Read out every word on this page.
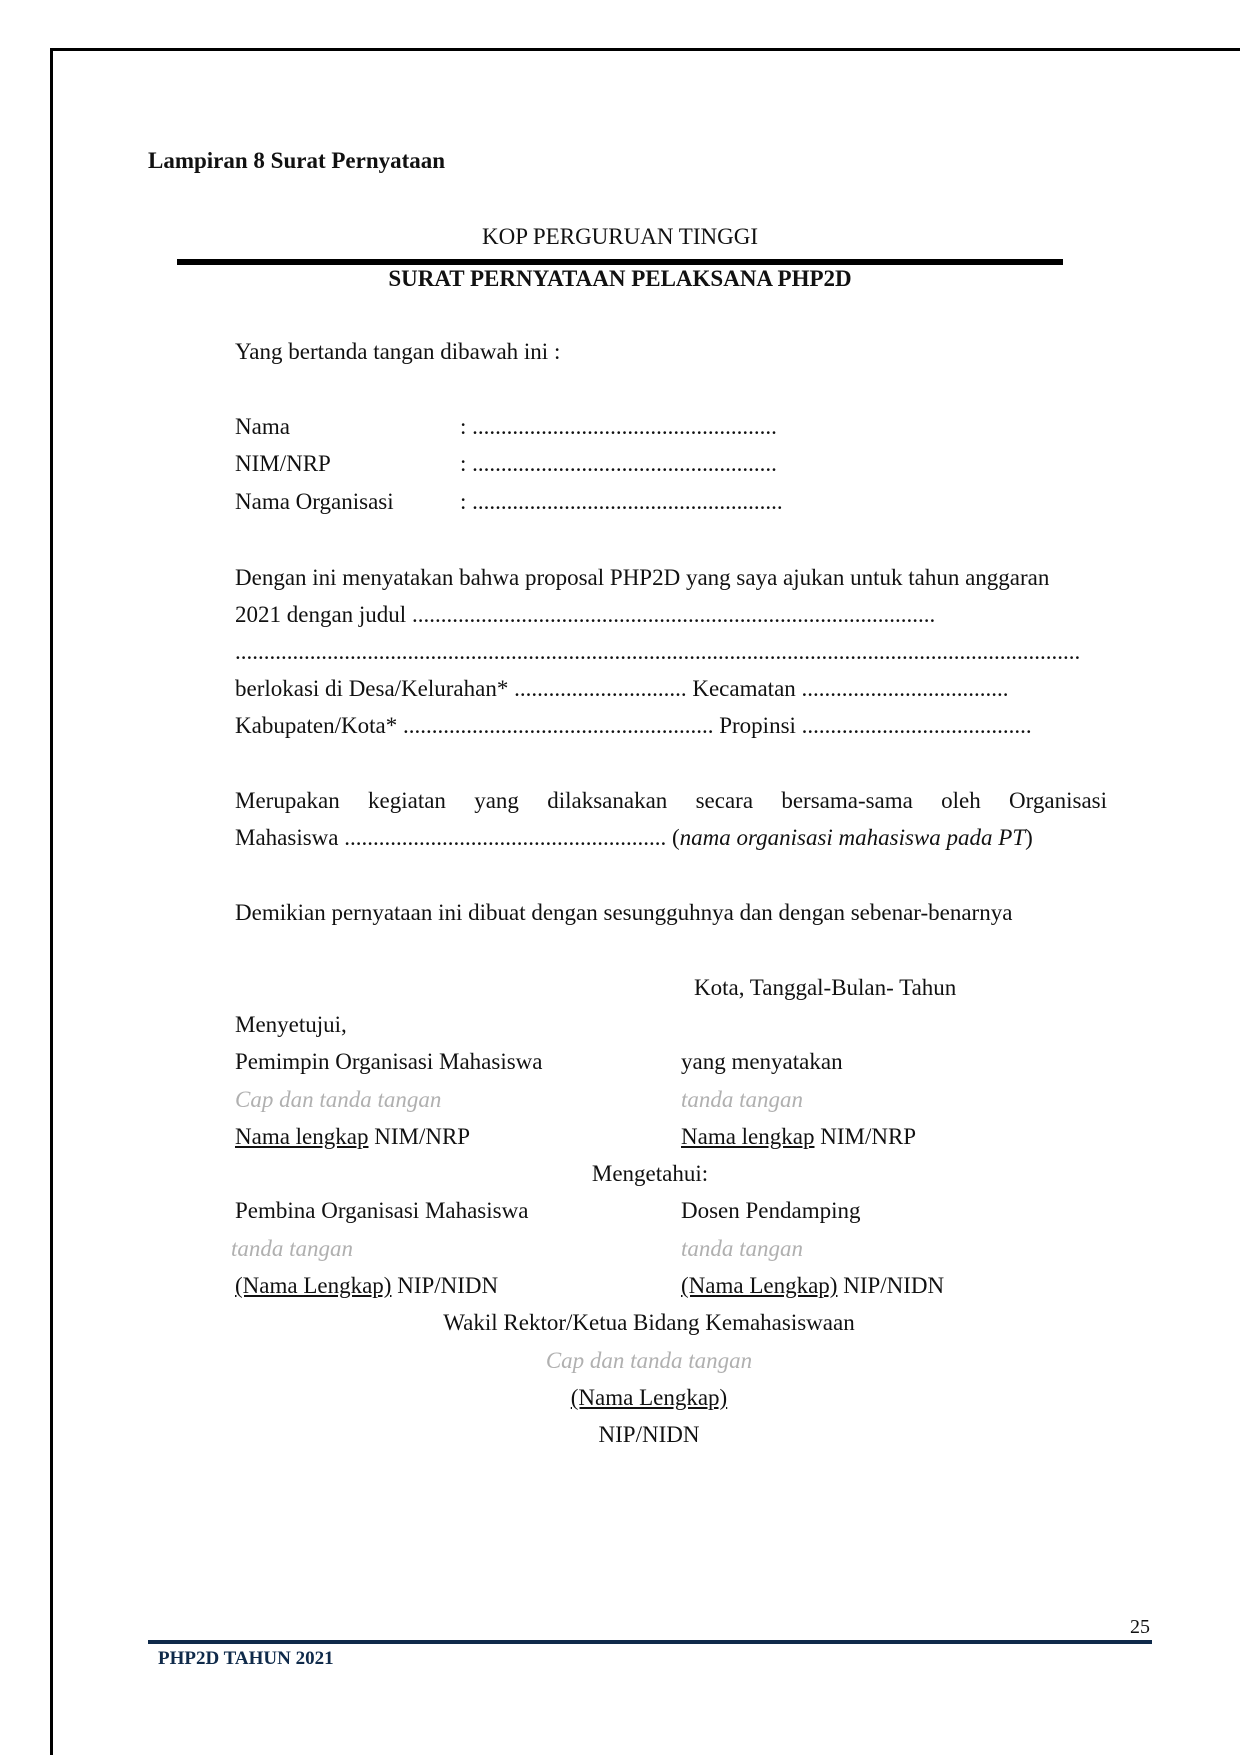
Lampiran 8 Surat Pernyataan
KOP PERGURUAN TINGGI
SURAT PERNYATAAN PELAKSANA PHP2D
Yang bertanda tangan dibawah ini :
Nama	: .....................................................
NIM/NRP	: .....................................................
Nama Organisasi	: ......................................................
Dengan ini menyatakan bahwa proposal PHP2D yang saya ajukan untuk tahun anggaran
2021 dengan judul ...........................................................................................
...................................................................................................................................................
berlokasi di Desa/Kelurahan* .............................. Kecamatan ....................................
Kabupaten/Kota* ...................................................... Propinsi ........................................
Merupakan kegiatan yang dilaksanakan secara bersama-sama oleh Organisasi
Mahasiswa ........................................................ (nama organisasi mahasiswa pada PT)
Demikian pernyataan ini dibuat dengan sesungguhnya dan dengan sebenar-benarnya
Kota, Tanggal-Bulan- Tahun
Menyetujui,
Pemimpin Organisasi Mahasiswa	yang menyatakan
Cap dan tanda tangan	tanda tangan
Nama lengkap NIM/NRP	Nama lengkap NIM/NRP
Mengetahui:
Pembina Organisasi Mahasiswa	Dosen Pendamping
tanda tangan	tanda tangan
(Nama Lengkap) NIP/NIDN	(Nama Lengkap) NIP/NIDN
Wakil Rektor/Ketua Bidang Kemahasiswaan
Cap dan tanda tangan
(Nama Lengkap)
NIP/NIDN
25
PHP2D TAHUN 2021
